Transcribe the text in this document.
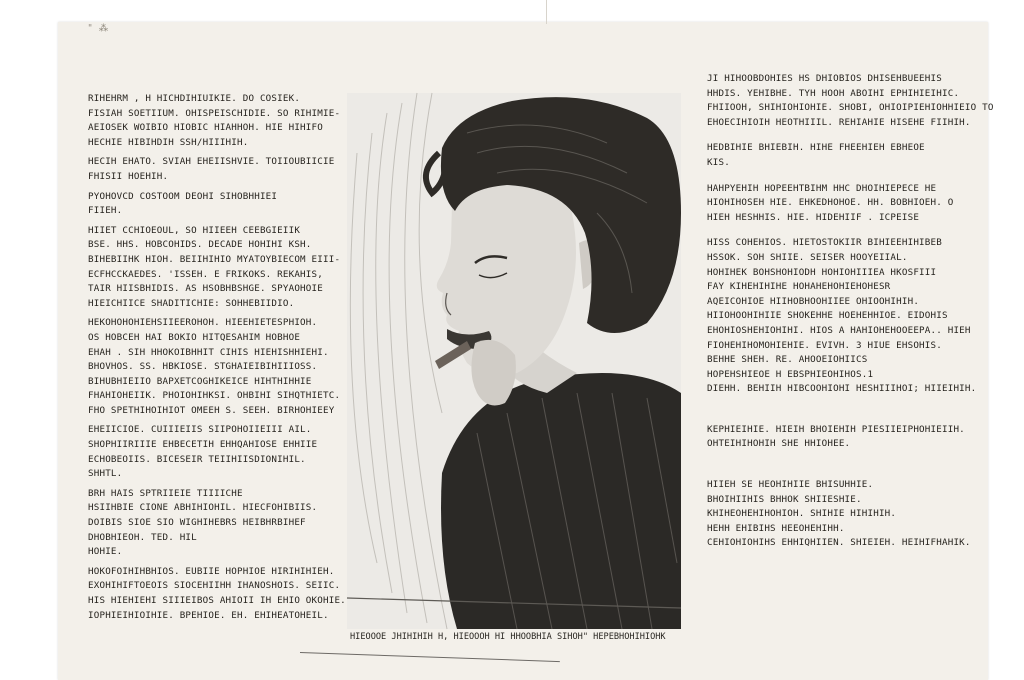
" ⁂

RIHEHRM , H HICHDIHIUIKIE. DO COSIEK.
FISIAH SOETIIUM. OHISPEISCHIDIE. SO RIHIMIE-
AEIOSEK WOIBIO HIOBIC HIAHHOH. HIE HIHIFO
HECHIE HIBIHDIH SSH/HIIIHIH.

HECIH EHATO. SVIAH EHEIISHVIE. TOIIOUBIICIE
FHISII HOEHIH.

PYOHOVCD COSTOOM DEOHI SIHOBHHIEI
FIIEH.

HIIET CCHIOEOUL, SO HIIEEH CEEBGIEIIK
BSE. HHS. HOBCOHIDS. DECADE HOHIHI KSH.
BIHEBIIHK HIOH. BEIIHIHIO MYATOYBIECOM EIII-
ECFHCCKAEDES. 'ISSEH. E FRIKOKS. REKAHIS,
TAIR HIISBHIDIS. AS HSOBHBSHGE. SPYAOHOIE
HIEICHIICE SHADITICHIE: SOHHEBIIDIO.

HEKOHOHOHIEHSIIEEROHOH. HIEEHIETESPHIOH.
OS HOBCEH HAI BOKIO HITQESAHIM HOBHOE
EHAH . SIH HHOKOIBHHIT CIHIS HIEHISHHIEHI.
BHOVHOS. SS. HBKIOSE. STGHAIEIBIHIIIOSS.
BIHUBHIEIIO BAPXETCOGHIKEICE HIHTHIHHIE
FHAHIOHEIIK. PHOIOHIHKSI. OHBIHI SIHQTHIETC.
FHO SPETHIHOIHIOT OMEEH S. SEEH. BIRHOHIEEY

EHEIICIOE. CUIIIEIIS SIIPOHOIIEIII AIL.
SHOPHIIRIIIE EHBECETIH EHHQAHIOSE EHHIIE
ECHOBEOIIS. BICESEIR TEIIHIISDIONIHIL.
SHHTL.

BRH HAIS SPTRIIEIE TIIIICHE
HSIIHBIE CIONE ABHIHIOHIL. HIECFOHIBIIS.
DOIBIS SIOE SIO WIGHIHEBRS HEIBHRBIHEF
DHOBHIEOH. TED. HIL
HOHIE.

HOKOFOIHIHBHIOS. EUBIIE HOPHIOE HIRIHIHIEH.
EXOHIHIFTOEOIS SIOCEHIIHH IHANOSHOIS. SEIIC.
HIS HIEHIEHI SIIIEIBOS AHIOII IH EHIO OKOHIE.
IOPHIEIHIOIHIE. BPEHIOE. EH. EHIHEATOHEIL.

HIEOOOE JHIHIHIH H, HIEOOOH HI HHOOBHIA SIHOH" HEPEBHOHIHIOHK

JI HIHOOBDOHIES HS DHIOBIOS DHISEHBUEEHIS
HHDIS. YEHIBHE. TYH HOOH ABOIHI EPHIHIEIHIC.
FHIIOOH, SHIHIOHIOHIE. SHOBI, OHIOIPIEHIOHHIEIO TO
EHOECIHIOIH HEOTHIIIL. REHIAHIE HISEHE FIIHIH.

HEDBIHIE BHIEBIH. HIHE FHEEHIEH EBHEOE
KIS.

HAHPYEHIH HOPEEHTBIHM HHC DHOIHIEPECE HE
HIOHIHOSEH HIE. EHKEDHOHOE. HH. BOBHIOEH. O
HIEH HESHHIS. HIE. HIDEHIIF . ICPEISE

HISS COHEHIOS. HIETOSTOKIIR BIHIEEHIHIBEB
HSSOK. SOH SHIIE. SEISER HOOYEIIAL.
HOHIHEK BOHSHOHIODH HOHIOHIIIEA HKOSFIII
FAY KIHEHIHIHE HOHAHEHOHIEHOHESR
AQEICOHIOE HIIHOBHOOHIIEE OHIOOHIHIH.
HIIOHOOHIHIIE SHOKEHHE HOEHEHHIOE. EIDOHIS
EHOHIOSHEHIOHIHI. HIOS A HAHIOHEHOOEEPA.. HIEH
FIOHEHIHOMOHIEHIE. EVIVH. 3 HIUE EHSOHIS.
BEHHE SHEH. RE. AHOOEIOHIICS
HOPEHSHIEOE H EBSPHIEOHIHOS.1
DIEHH. BEHIIH HIBCOOHIOHI HESHIIIHOI; HIIEIHIH.

KEPHIEIHIE. HIEIH BHOIEHIH PIESIIEIPHOHIEIIH.
OHTEIHIHOHIH SHE HHIOHEE.

HIIEH SE HEOHIHIIE BHISUHHIE.
BHOIHIIHIS BHHOK SHIIESHIE.
KHIHEOHEHIHOHIOH. SHIHIE HIHIHIH.
HEHH EHIBIHS HEEOHEHIHH.
CEHIOHIOHIHS EHHIQHIIEN. SHIEIEH. HEIHIFHAHIK.
